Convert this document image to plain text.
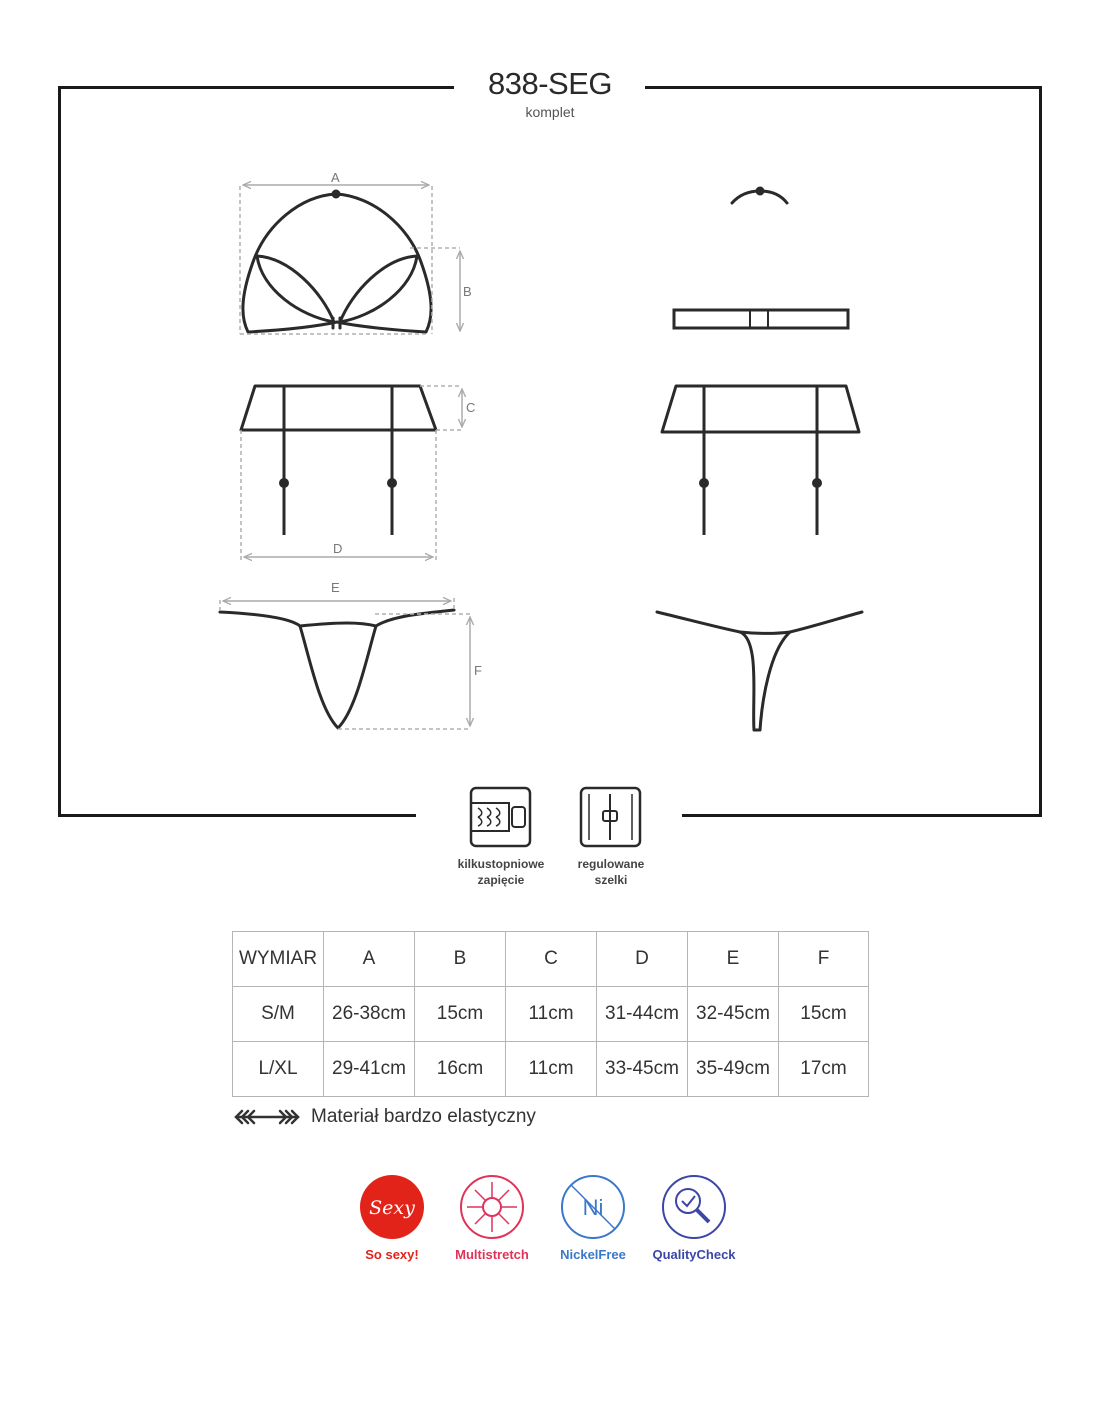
838-SEG
komplet
Sexy	Ni
A
B
C
D
E
F
kilkustopniowe
zapięcie
regulowane
szelki
WYMIAR	A	B	C	D	E	F
S/M	26-38cm	15cm	11cm	31-44cm	32-45cm	15cm
L/XL	29-41cm	16cm	11cm	33-45cm	35-49cm	17cm
Materiał bardzo elastyczny
So sexy!	Multistretch	NickelFree	QualityCheck
